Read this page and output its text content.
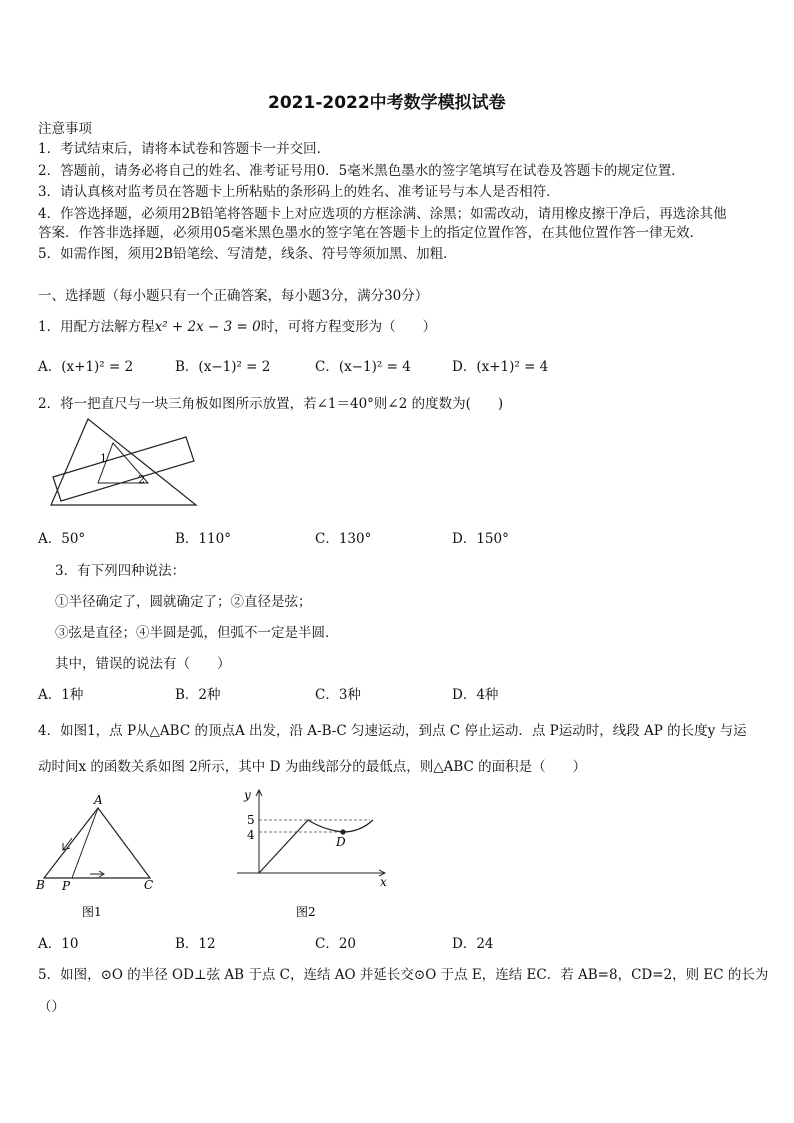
2021-2022中考数学模拟试卷
注意事项
1．考试结束后，请将本试卷和答题卡一并交回．
2．答题前，请务必将自己的姓名、准考证号用0．5毫米黑色墨水的签字笔填写在试卷及答题卡的规定位置．
3．请认真核对监考员在答题卡上所粘贴的条形码上的姓名、准考证号与本人是否相符．
4．作答选择题，必须用2B铅笔将答题卡上对应选项的方框涂满、涂黑；如需改动，请用橡皮擦干净后，再选涂其他
答案．作答非选择题，必须用05毫米黑色墨水的签字笔在答题卡上的指定位置作答，在其他位置作答一律无效．
5．如需作图，须用2B铅笔绘、写清楚，线条、符号等须加黑、加粗．
一、选择题（每小题只有一个正确答案，每小题3分，满分30分）
1．用配方法解方程x² + 2x − 3 = 0时，可将方程变形为（　　）
A．(x+1)² = 2	B．(x−1)² = 2	C．(x−1)² = 4	D．(x+1)² = 4
2．将一把直尺与一块三角板如图所示放置，若∠1＝40°则∠2 的度数为(　　)
1
2
A．50°	B．110°	C．130°	D．150°
3．有下列四种说法：
①半径确定了，圆就确定了；②直径是弦；
③弦是直径；④半圆是弧，但弧不一定是半圆．
其中，错误的说法有（　　）
A．1种	B．2种	C．3种	D．4种
4．如图1，点 P从△ABC 的顶点A 出发，沿 A-B-C 匀速运动，到点 C 停止运动．点 P运动时，线段 AP 的长度y 与运
动时间x 的函数关系如图 2所示，其中 D 为曲线部分的最低点，则△ABC 的面积是（　　）
A
B P	C
图1
y
x
5
4	D
图2
A．10	B．12	C．20	D．24
5．如图，⊙O 的半径 OD⊥弦 AB 于点 C，连结 AO 并延长交⊙O 于点 E，连结 EC．若 AB=8，CD=2，则 EC 的长为
（）
